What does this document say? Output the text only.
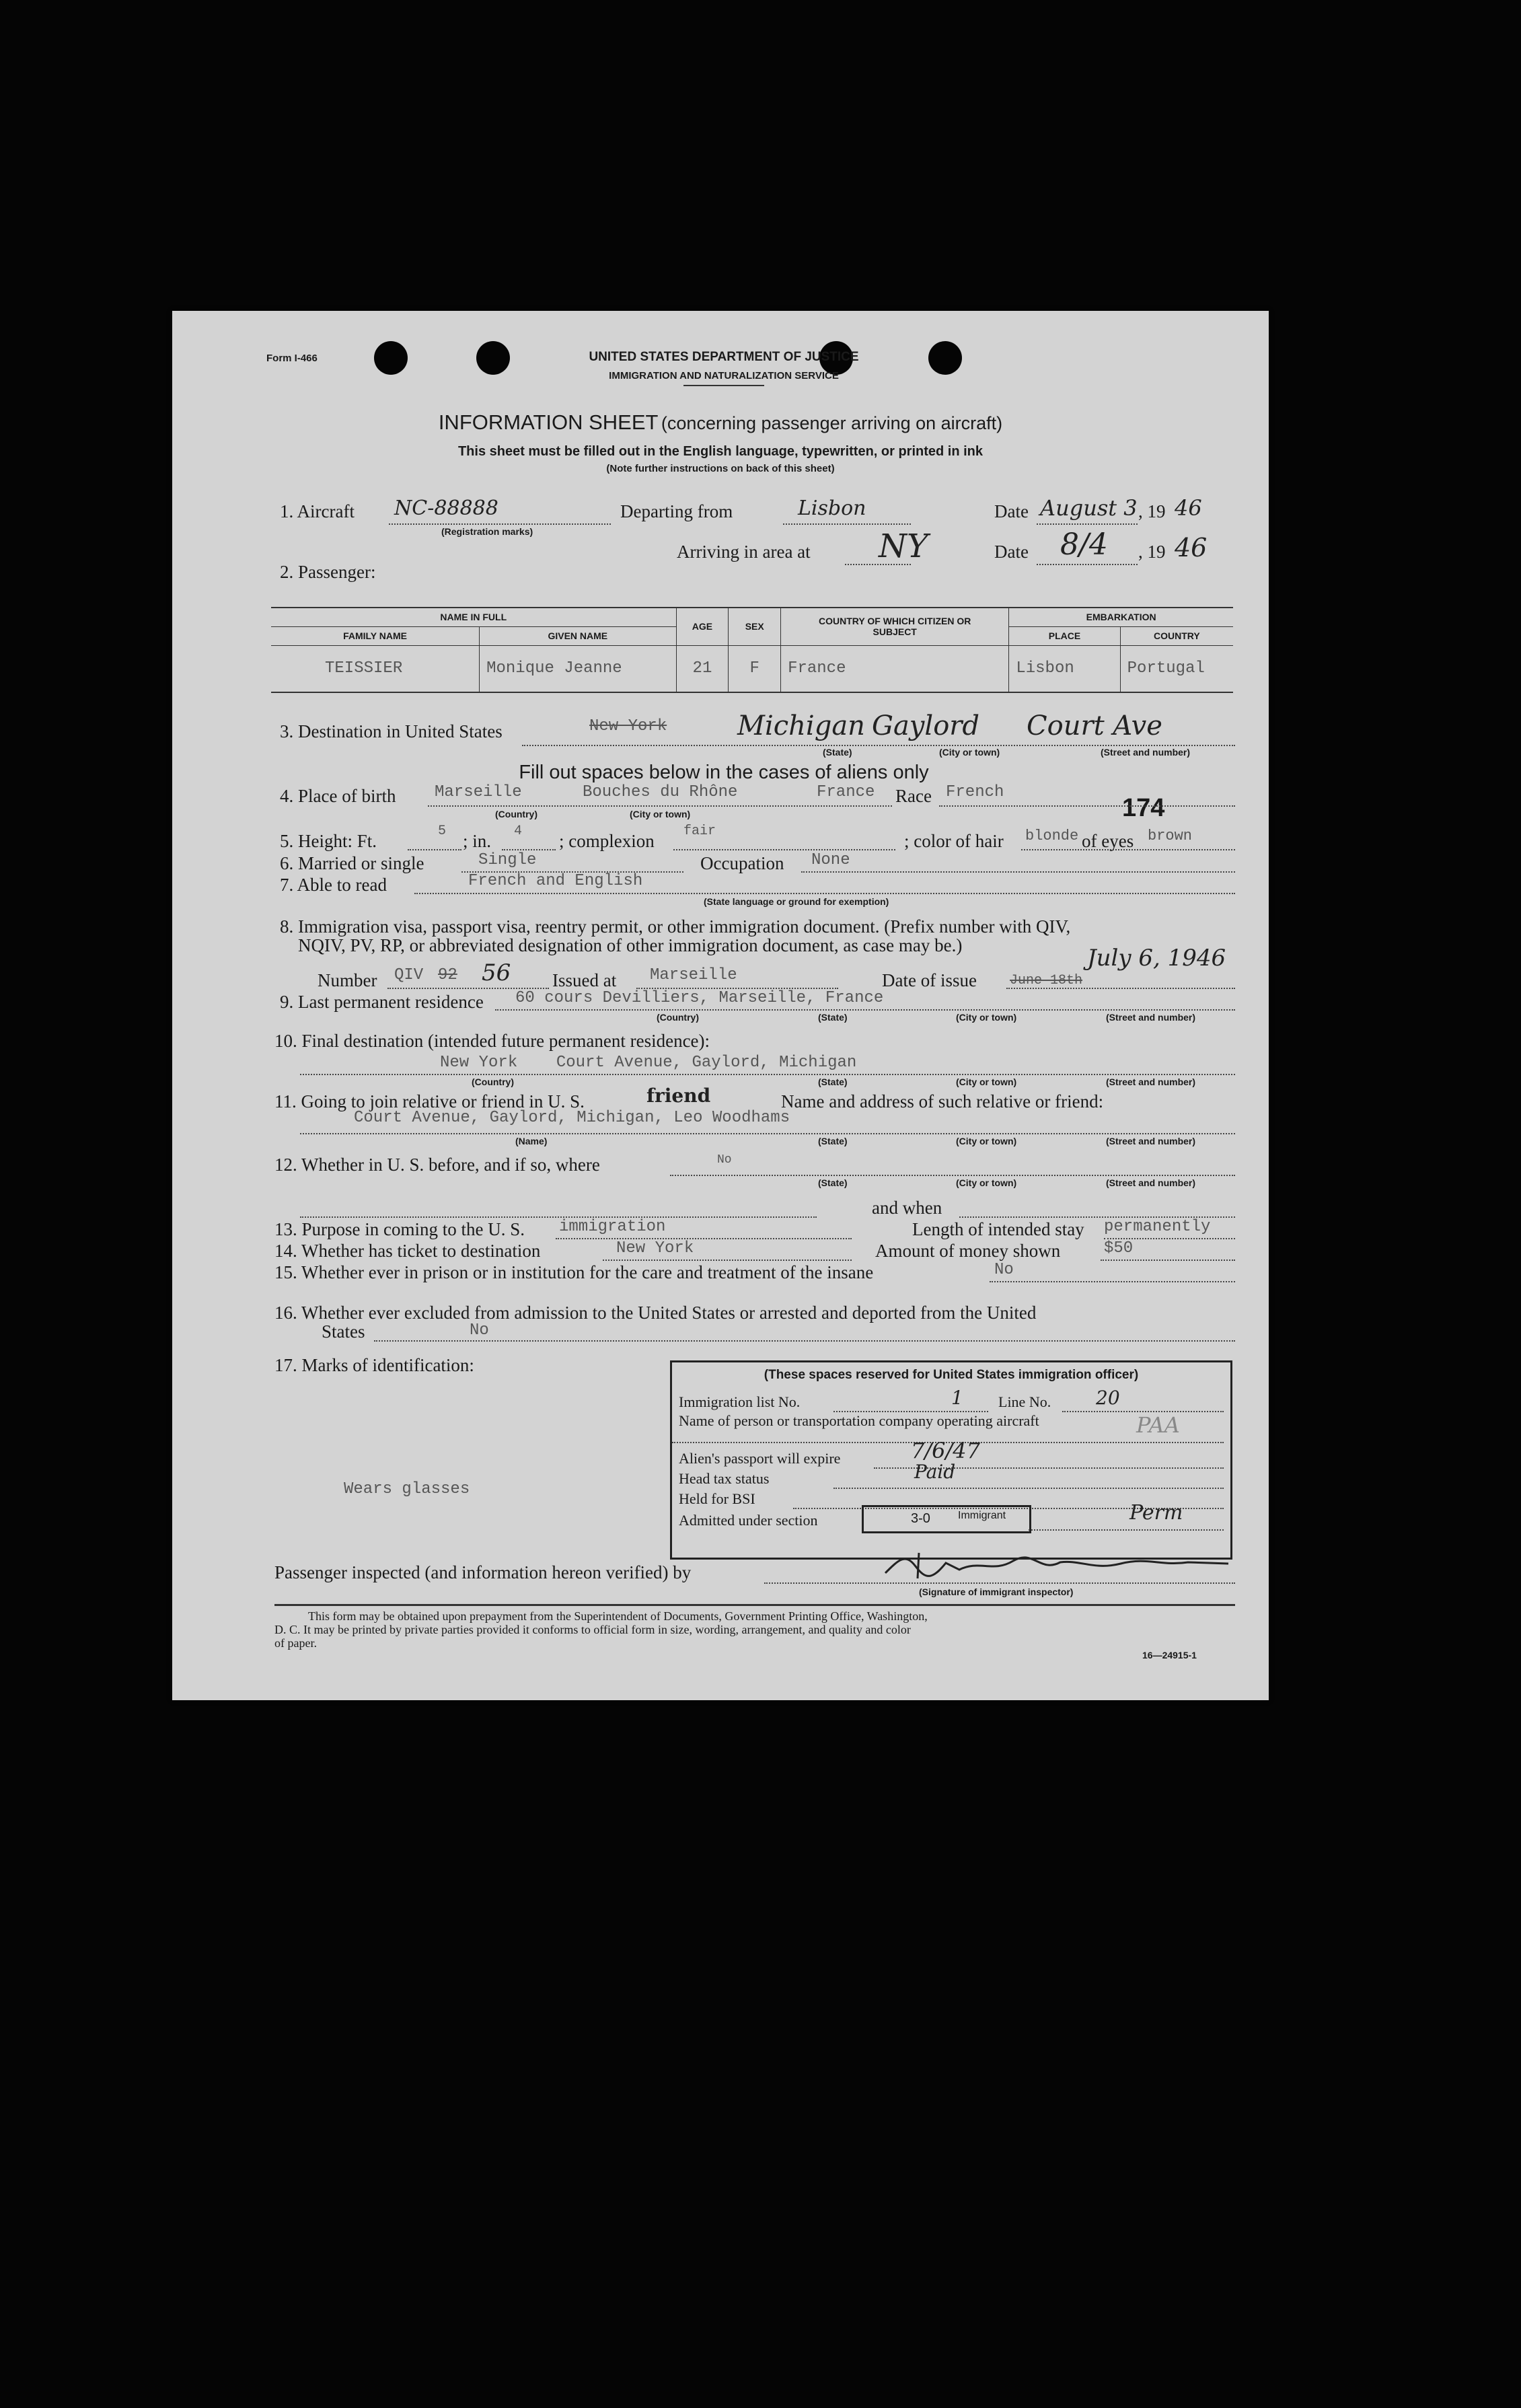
Form I-466	UNITED STATES DEPARTMENT OF JUSTICE
IMMIGRATION AND NATURALIZATION SERVICE
INFORMATION SHEET (concerning passenger arriving on aircraft)
This sheet must be filled out in the English language, typewritten, or printed in ink
(Note further instructions on back of this sheet)
174
1. Aircraft NC-88888
(Registration marks)
Departing from	Lisbon	Date August 3 , 19 46
Arriving in area at NY	Date 8/4 , 19 46
2. Passenger:
NAME IN FULL		AGE	SEX	COUNTRY OF WHICH CITIZEN OR SUBJECT	EMBARKATION	
FAMILY NAME	GIVEN NAME				PLACE	COUNTRY
TEISSIER	Monique Jeanne	21	F	France	Lisbon	Portugal
3. Destination in United States	New York	Michigan Gaylord Court Ave
(State)	(City or town)	(Street and number)
Fill out spaces below in the cases of aliens only
4. Place of birth Marseille	Bouches du Rhône	France Race French
(Country)	(City or town)
5. Height: Ft.	5 ; in. 4 ; complexion fair	; color of hair blonde of eyes brown
6. Married or single	Single	Occupation None
7. Able to read	French and English
(State language or ground for exemption)
8. Immigration visa, passport visa, reentry permit, or other immigration document. (Prefix number with QIV,
NQIV, PV, RP, or abbreviated designation of other immigration document, as case may be.)
Number QIV 92 56 Issued at Marseille	Date of issue June 18th
July 6, 1946
9. Last permanent residence 60 cours Devilliers, Marseille, France
(Country)	(State)	(City or town)	(Street and number)
10. Final destination (intended future permanent residence):
New York    Court Avenue, Gaylord, Michigan
(Country)	(State)	(City or town)	(Street and number)
11. Going to join relative or friend in U. S.	friend	Name and address of such relative or friend:
Court Avenue, Gaylord, Michigan, Leo Woodhams
(Name)	(State)	(City or town)	(Street and number)
12. Whether in U. S. before, and if so, where	No
(State)	(City or town)	(Street and number)
and when
13. Purpose in coming to the U. S. immigration	Length of intended stay permanently
14. Whether has ticket to destination	New York	Amount of money shown	$50
15. Whether ever in prison or in institution for the care and treatment of the insane	No
16. Whether ever excluded from admission to the United States or arrested and deported from the United
States	No
17. Marks of identification:
Wears glasses
(These spaces reserved for United States immigration officer)
Immigration list No.	1 Line No. 20
Name of person or transportation company operating aircraft	PAA
Alien's passport will expire	7/6/47
Head tax status	Paid
Held for BSI
Admitted under section	3-0	Immigrant	Perm
Passenger inspected (and information hereon verified) by
(Signature of immigrant inspector)
This form may be obtained upon prepayment from the Superintendent of Documents, Government Printing Office, Washington,
D. C. It may be printed by private parties provided it conforms to official form in size, wording, arrangement, and quality and color
of paper.
16—24915-1
